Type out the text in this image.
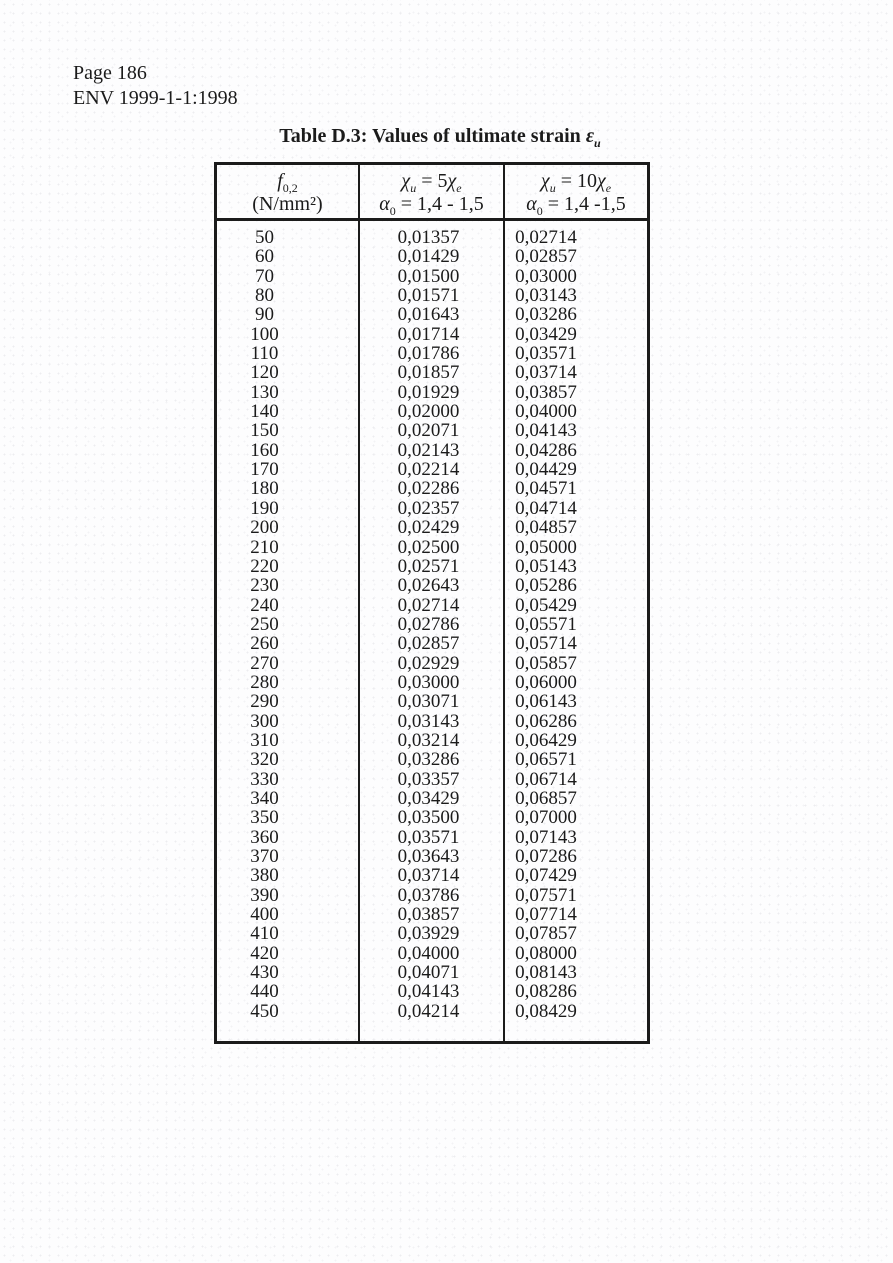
Page 186
ENV 1999-1-1:1998
Table D.3: Values of ultimate strain $\varepsilon_u$
$f_{0,2}$
(N/mm²)
$\chi_u = 5\chi_e$
$\alpha_0 = 1,4 - 1,5$
$\chi_u = 10\chi_e$
$\alpha_0 = 1,4$ -1,5
50
60
70
80
90
100
110
120
130
140
150
160
170
180
190
200
210
220
230
240
250
260
270
280
290
300
310
320
330
340
350
360
370
380
390
400
410
420
430
440
450
0,01357
0,01429
0,01500
0,01571
0,01643
0,01714
0,01786
0,01857
0,01929
0,02000
0,02071
0,02143
0,02214
0,02286
0,02357
0,02429
0,02500
0,02571
0,02643
0,02714
0,02786
0,02857
0,02929
0,03000
0,03071
0,03143
0,03214
0,03286
0,03357
0,03429
0,03500
0,03571
0,03643
0,03714
0,03786
0,03857
0,03929
0,04000
0,04071
0,04143
0,04214
0,02714
0,02857
0,03000
0,03143
0,03286
0,03429
0,03571
0,03714
0,03857
0,04000
0,04143
0,04286
0,04429
0,04571
0,04714
0,04857
0,05000
0,05143
0,05286
0,05429
0,05571
0,05714
0,05857
0,06000
0,06143
0,06286
0,06429
0,06571
0,06714
0,06857
0,07000
0,07143
0,07286
0,07429
0,07571
0,07714
0,07857
0,08000
0,08143
0,08286
0,08429
